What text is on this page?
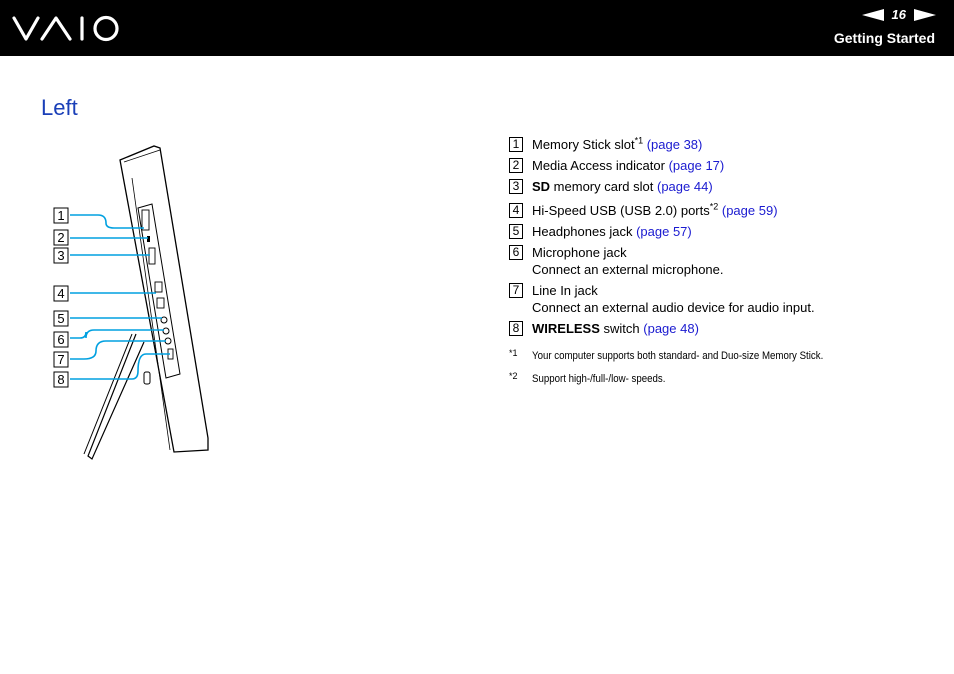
16
Getting Started
Left
1
2
3
4
5
6
7
8
1 Memory Stick slot$^{*1}$ (page 38)
2 Media Access indicator (page 17)
3 SD memory card slot (page 44)
4 Hi-Speed USB (USB 2.0) ports$^{*2}$ (page 59)
5 Headphones jack (page 57)
6 Microphone jack
Connect an external microphone.
7 Line In jack
Connect an external audio device for audio input.
8 WIRELESS switch (page 48)
*1 Your computer supports both standard- and Duo-size Memory Stick.
*2 Support high-/full-/low- speeds.
